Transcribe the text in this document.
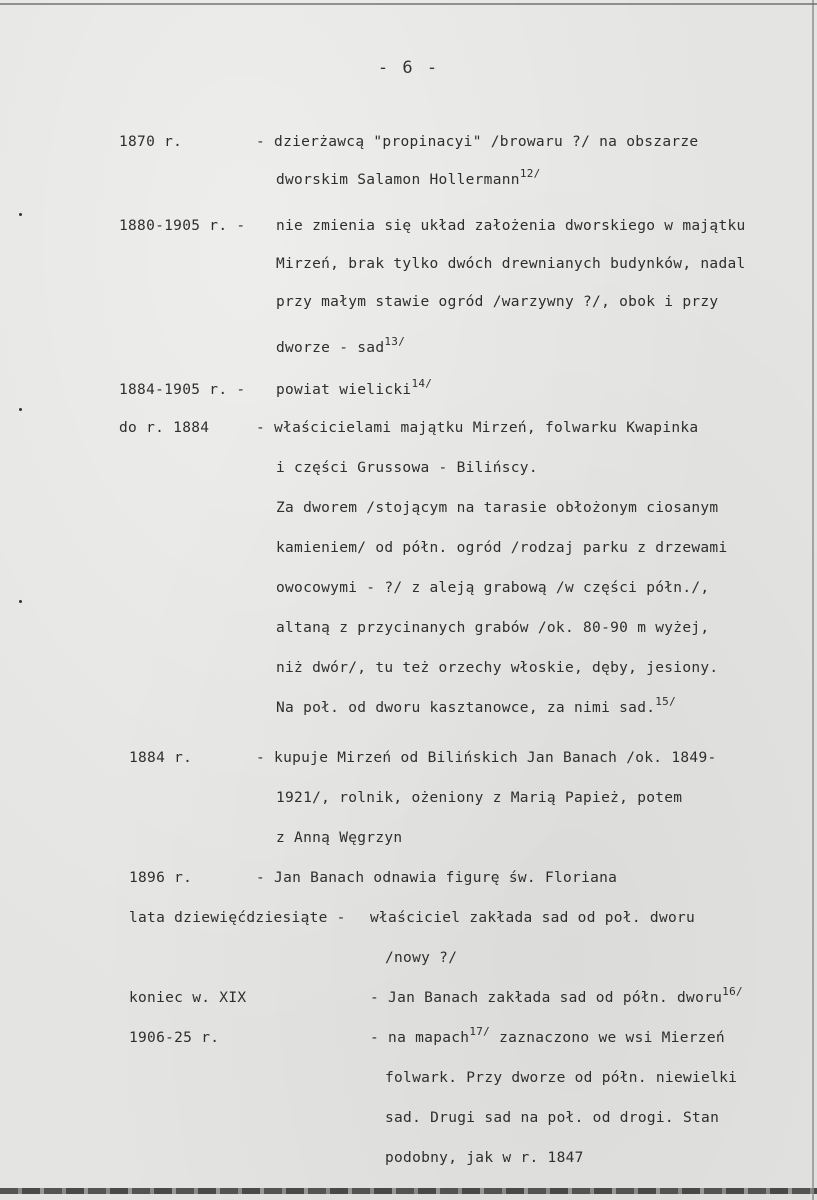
- 6 -
1870 r.	- dzierżawcą "propinacyi" /browaru ?/ na obszarze
dworskim Salamon Hollermann$^{12/}$
1880-1905 r. - nie zmienia się układ założenia dworskiego w majątku
Mirzeń, brak tylko dwóch drewnianych budynków, nadal
przy małym stawie ogród /warzywny ?/, obok i przy
dworze - sad$^{13/}$
1884-1905 r. - powiat wielicki$^{14/}$
do r. 1884	- właścicielami majątku Mirzeń, folwarku Kwapinka
i części Grussowa - Bilińscy.
Za dworem /stojącym na tarasie obłożonym ciosanym
kamieniem/ od półn. ogród /rodzaj parku z drzewami
owocowymi - ?/ z aleją grabową /w części półn./,
altaną z przycinanych grabów /ok. 80-90 m wyżej,
niż dwór/, tu też orzechy włoskie, dęby, jesiony.
Na poł. od dworu kasztanowce, za nimi sad.$^{15/}$
1884 r.	- kupuje Mirzeń od Bilińskich Jan Banach /ok. 1849-
1921/, rolnik, ożeniony z Marią Papież, potem
z Anną Węgrzyn
1896 r.	- Jan Banach odnawia figurę św. Floriana
lata dziewięćdziesiąte - właściciel zakłada sad od poł. dworu
/nowy ?/
koniec w. XIX	- Jan Banach zakłada sad od półn. dworu$^{16/}$
1906-25 r.	- na mapach$^{17/}$ zaznaczono we wsi Mierzeń
folwark. Przy dworze od półn. niewielki
sad. Drugi sad na poł. od drogi. Stan
podobny, jak w r. 1847
